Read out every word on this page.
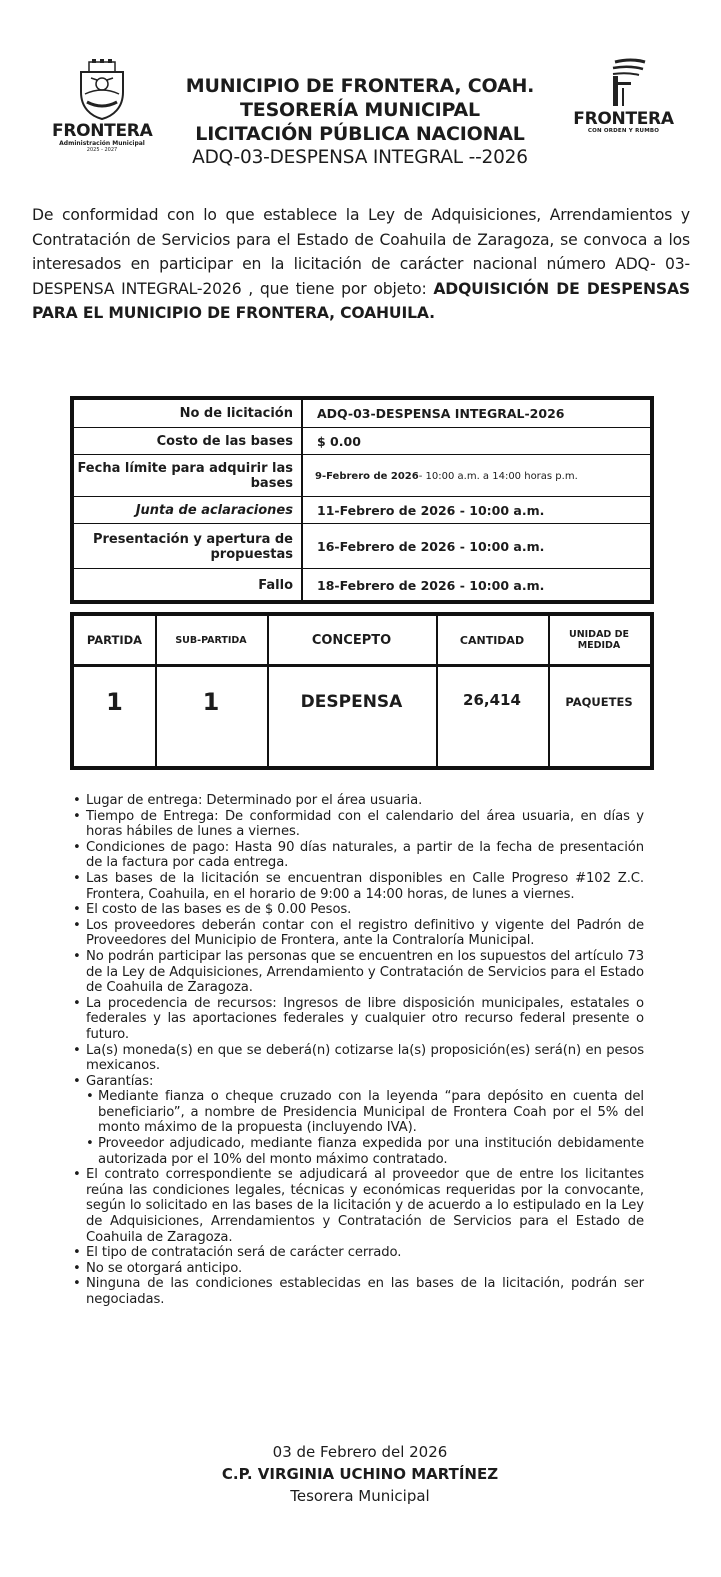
FRONTERA
Administración Municipal
2025 - 2027

MUNICIPIO DE FRONTERA, COAH.

TESORERÍA MUNICIPAL

LICITACIÓN PÚBLICA NACIONAL

ADQ-03-DESPENSA INTEGRAL --2026

FRONTERA
CON ORDEN Y RUMBO
De conformidad con lo que establece la Ley de Adquisiciones, Arrendamientos y Contratación de Servicios para el Estado de Coahuila de Zaragoza, se convoca a los interesados en participar en la licitación de carácter nacional número ADQ- 03-DESPENSA INTEGRAL-2026 , que tiene por objeto: ADQUISICIÓN DE DESPENSAS PARA EL MUNICIPIO DE FRONTERA, COAHUILA.
No de licitación	ADQ-03-DESPENSA INTEGRAL-2026
Costo de las bases	$ 0.00
Fecha límite para adquirir las bases	9-Febrero de 2026 - 10:00 a.m. a 14:00 horas p.m.
Junta de aclaraciones	11-Febrero de 2026 - 10:00 a.m.
Presentación y apertura de propuestas	16-Febrero de 2026 - 10:00 a.m.
Fallo	18-Febrero de 2026 - 10:00 a.m.
PARTIDA	SUB-PARTIDA	CONCEPTO	CANTIDAD	UNIDAD DE MEDIDA
1	1	DESPENSA	26,414	PAQUETES
• Lugar de entrega: Determinado por el área usuaria.
• Tiempo de Entrega: De conformidad con el calendario del área usuaria, en días y horas hábiles de lunes a viernes.
• Condiciones de pago: Hasta 90 días naturales, a partir de la fecha de presentación de la factura por cada entrega.
• Las bases de la licitación se encuentran disponibles en Calle Progreso #102 Z.C. Frontera, Coahuila, en el horario de 9:00 a 14:00 horas, de lunes a viernes.
• El costo de las bases es de $ 0.00 Pesos.
• Los proveedores deberán contar con el registro definitivo y vigente del Padrón de Proveedores del Municipio de Frontera, ante la Contraloría Municipal.
• No podrán participar las personas que se encuentren en los supuestos del artículo 73 de la Ley de Adquisiciones, Arrendamiento y Contratación de Servicios para el Estado de Coahuila de Zaragoza.
• La procedencia de recursos: Ingresos de libre disposición municipales, estatales o federales y las aportaciones federales y cualquier otro recurso federal presente o futuro.
• La(s) moneda(s) en que se deberá(n) cotizarse la(s) proposición(es) será(n) en pesos mexicanos.
• Garantías:
• Mediante fianza o cheque cruzado con la leyenda “para depósito en cuenta del beneficiario”, a nombre de Presidencia Municipal de Frontera Coah por el 5% del monto máximo de la propuesta (incluyendo IVA).
• Proveedor adjudicado, mediante fianza expedida por una institución debidamente autorizada por el 10% del monto máximo contratado.
• El contrato correspondiente se adjudicará al proveedor que de entre los licitantes reúna las condiciones legales, técnicas y económicas requeridas por la convocante, según lo solicitado en las bases de la licitación y de acuerdo a lo estipulado en la Ley de Adquisiciones, Arrendamientos y Contratación de Servicios para el Estado de Coahuila de Zaragoza.
• El tipo de contratación será de carácter cerrado.
• No se otorgará anticipo.
• Ninguna de las condiciones establecidas en las bases de la licitación, podrán ser negociadas.
03 de Febrero del 2026
C.P. VIRGINIA UCHINO MARTÍNEZ
Tesorera Municipal
